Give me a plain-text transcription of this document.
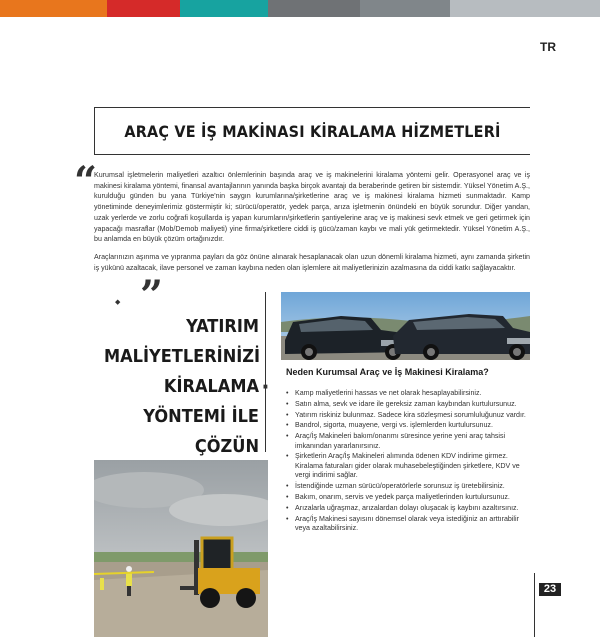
TR
ARAÇ VE İŞ MAKİNASI KİRALAMA HİZMETLERİ
“

Kurumsal işletmelerin maliyetleri azaltıcı önlemlerinin başında araç ve iş makinelerini kiralama yöntemi gelir. Operasyonel araç ve iş makinesi kiralama yöntemi, finansal avantajlarının yanında başka birçok avantajı da beraberinde getiren bir sistemdir. Yüksel Yönetim A.Ş., kurulduğu günden bu yana Türkiye'nin saygın kurumlarına/şirketlerine araç ve iş makinesi kiralama hizmeti sunmaktadır. Kamp yönetiminde deneyimlerimiz göstermiştir ki; sürücü/operatör, yedek parça, arıza işletmenin önündeki en büyük sorundur. Diğer yandan, uzak yerlerde ve zorlu coğrafi koşullarda iş yapan kurumların/şirketlerin şantiyelerine araç ve iş makinesi sevk etmek ve geri getirmek için yapacağı masraflar (Mob/Demob maliyeti) yine firma/şirketlere ciddi iş gücü/zaman kaybı ve mali yük getirmektedir. Yüksel Yönetim A.Ş., bu anlamda en büyük çözüm ortağınızdır.

Araçlarınızın aşınma ve yıpranma payları da göz önüne alınarak hesaplanacak olan uzun dönemli kiralama hizmeti, aynı zamanda şirketin iş yükünü azaltacak, ilave personel ve zaman kaybına neden olan işlemlere ait maliyetlerinizin azalmasına da ciddi katkı sağlayacaktır.

”
◆
■
YATIRIM
MALİYETLERİNİZİ
KİRALAMA
YÖNTEMİ İLE
ÇÖZÜN
Neden Kurumsal Araç ve İş Makinesi Kiralama?
• Kamp maliyetlerini hassas ve net olarak hesaplayabilirsiniz.
• Satın alma, sevk ve idare ile gereksiz zaman kaybından kurtulursunuz.
• Yatırım riskiniz bulunmaz. Sadece kira sözleşmesi sorumluluğunuz vardır.
• Bandrol, sigorta, muayene, vergi vs. işlemlerden kurtulursunuz.
• Araç/İş Makineleri bakım/onarımı süresince yerine yeni araç tahsisi imkanından yararlanırsınız.
• Şirketlerin Araç/İş Makineleri alımında ödenen KDV indirime girmez. Kiralama faturaları gider olarak muhasebeleştiğinden şirketlere, KDV ve vergi indirimi sağlar.
• İstendiğinde uzman sürücü/operatörlerle sorunsuz iş üretebilirsiniz.
• Bakım, onarım, servis ve yedek parça maliyetlerinden kurtulursunuz.
• Arızalarla uğraşmaz, arızalardan dolayı oluşacak iş kaybını azaltırsınız.
• Araç/İş Makinesi sayısını dönemsel olarak veya istediğiniz an arttırabilir veya azaltabilirsiniz.
23
